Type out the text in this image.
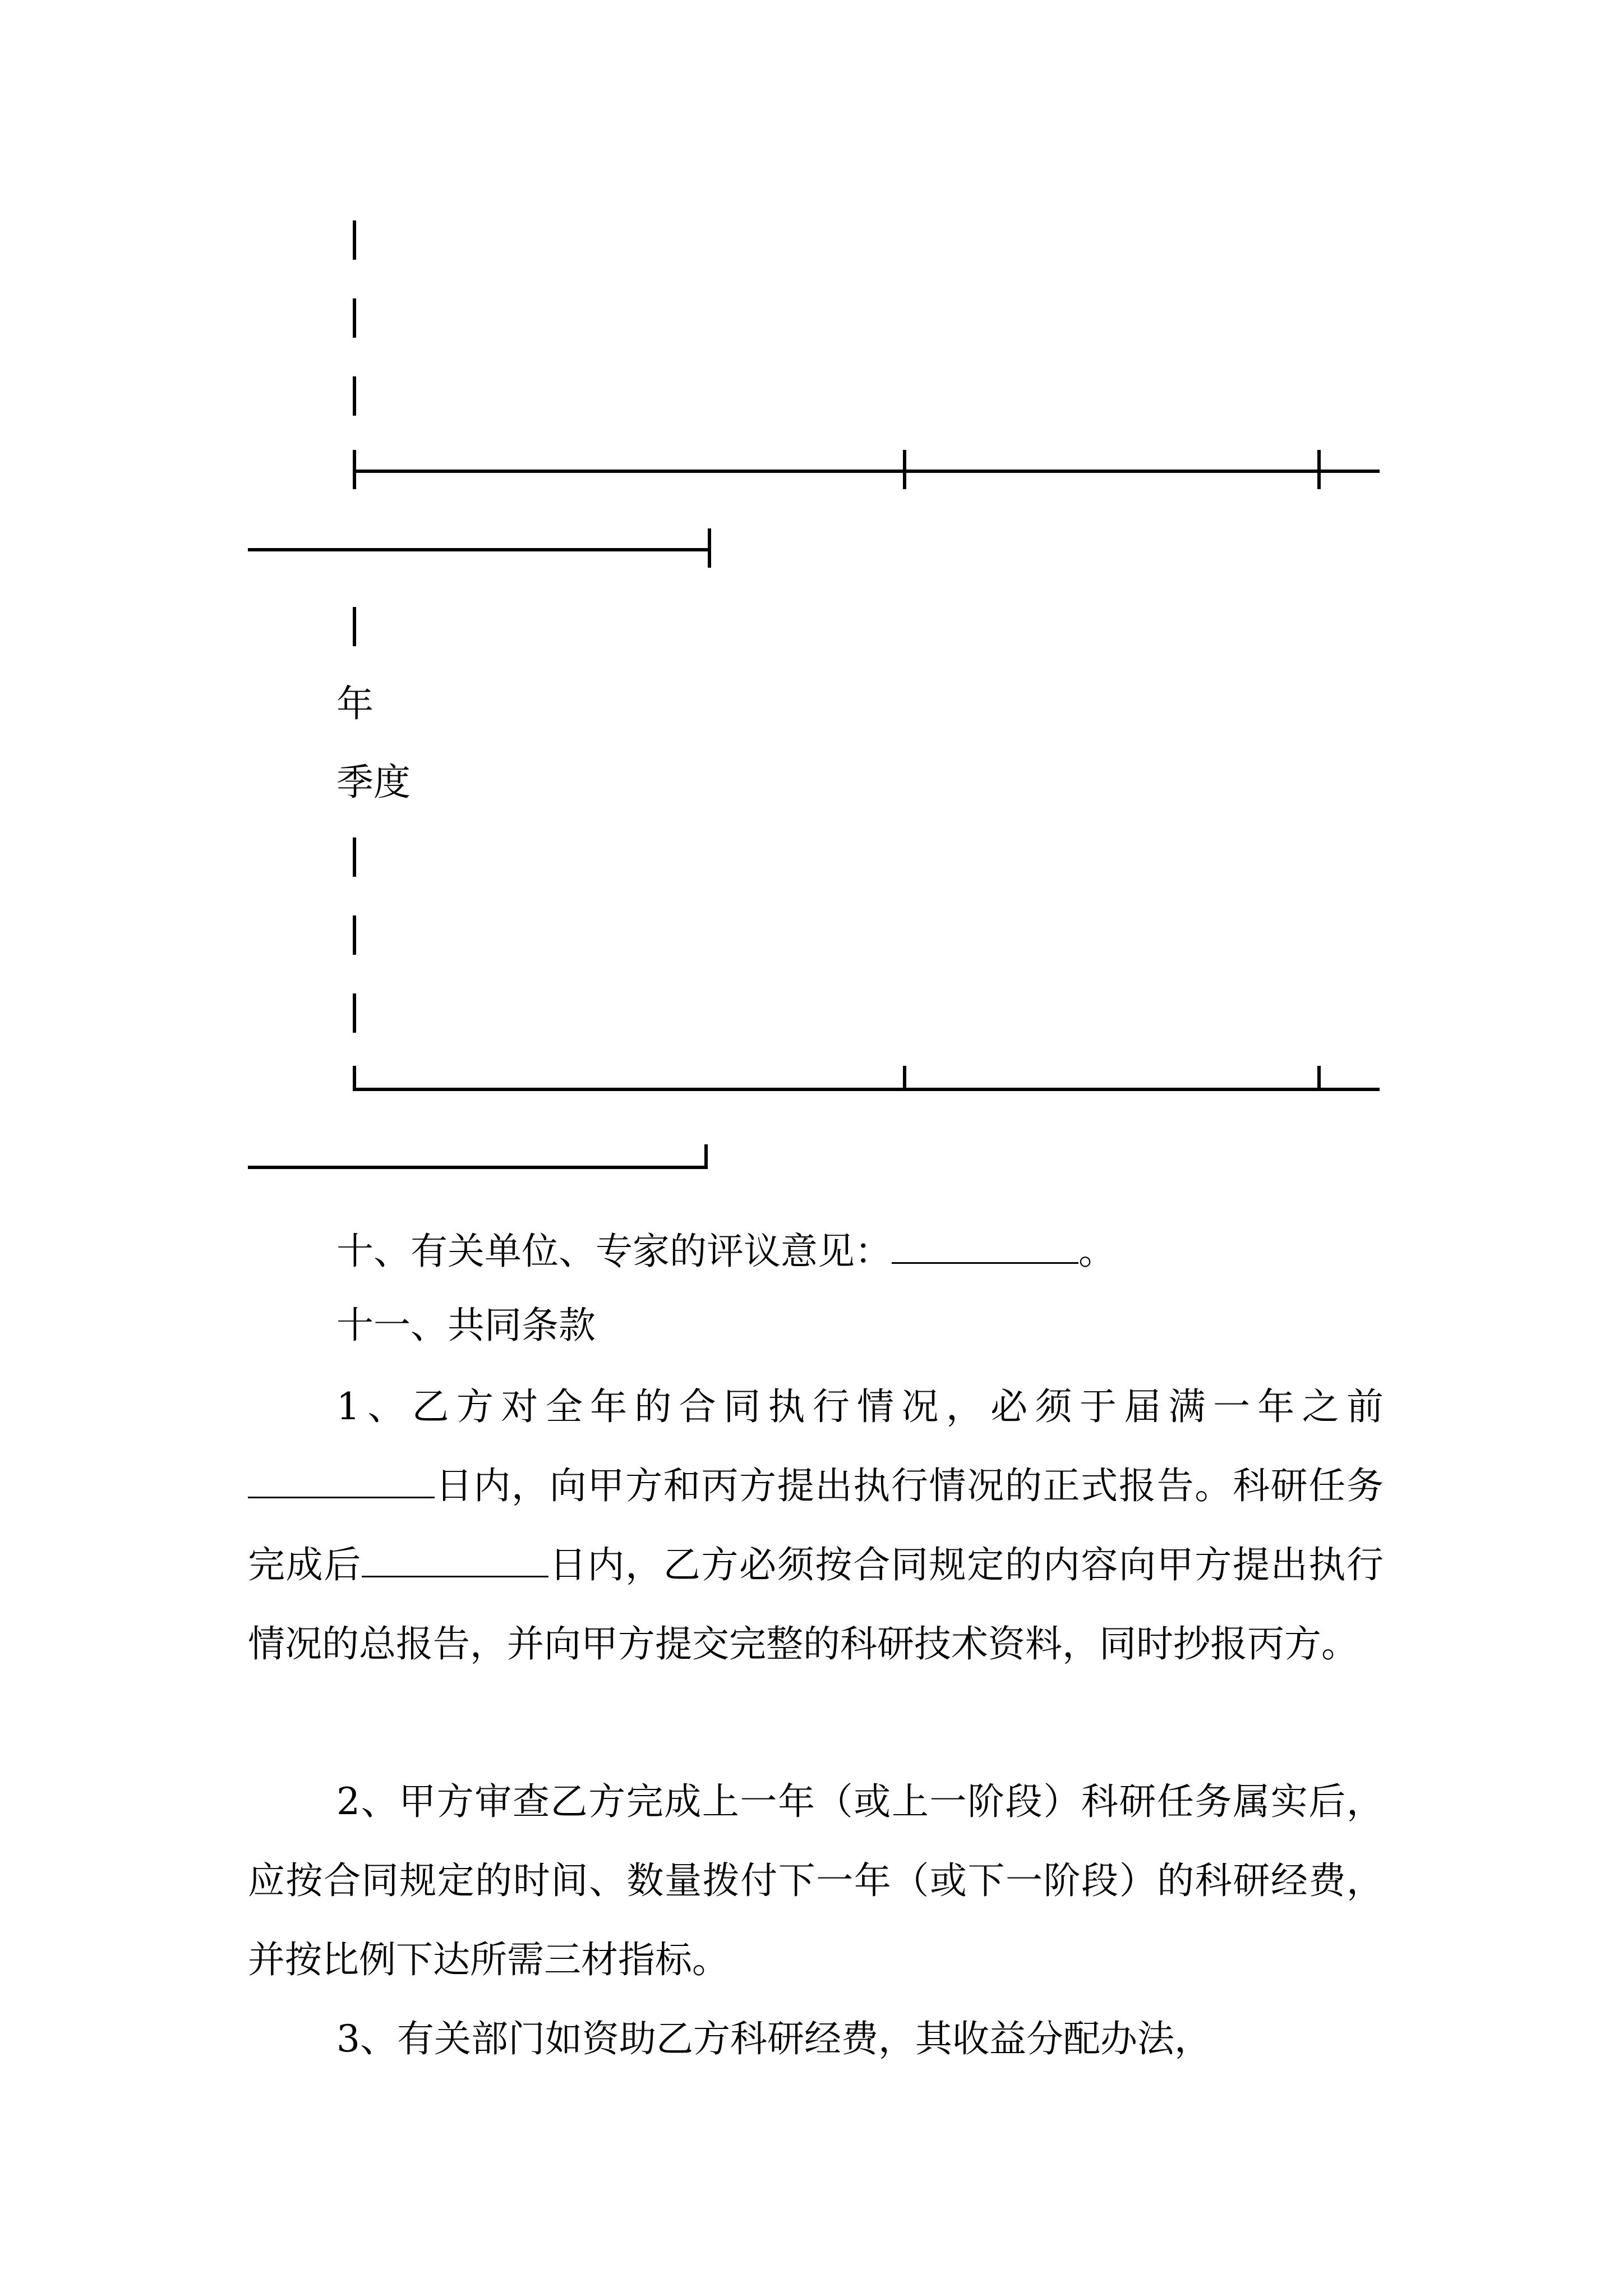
年
季度
十、有关单位、专家的评议意见：	。
十一、共同条款

1、乙方对全年的合同执行情况，必须于届满一年之前日内，向甲方和丙方提出执行情况的正式报告。科研任务完成后	日内，乙方必须按合同规定的内容向甲方提出执行情况的总报告，并向甲方提交完整的科研技术资料，同时抄报丙方。

2、甲方审查乙方完成上一年（或上一阶段）科研任务属实后，应按合同规定的时间、数量拨付下一年（或下一阶段）的科研经费，并按比例下达所需三材指标。

3、有关部门如资助乙方科研经费，其收益分配办法，
